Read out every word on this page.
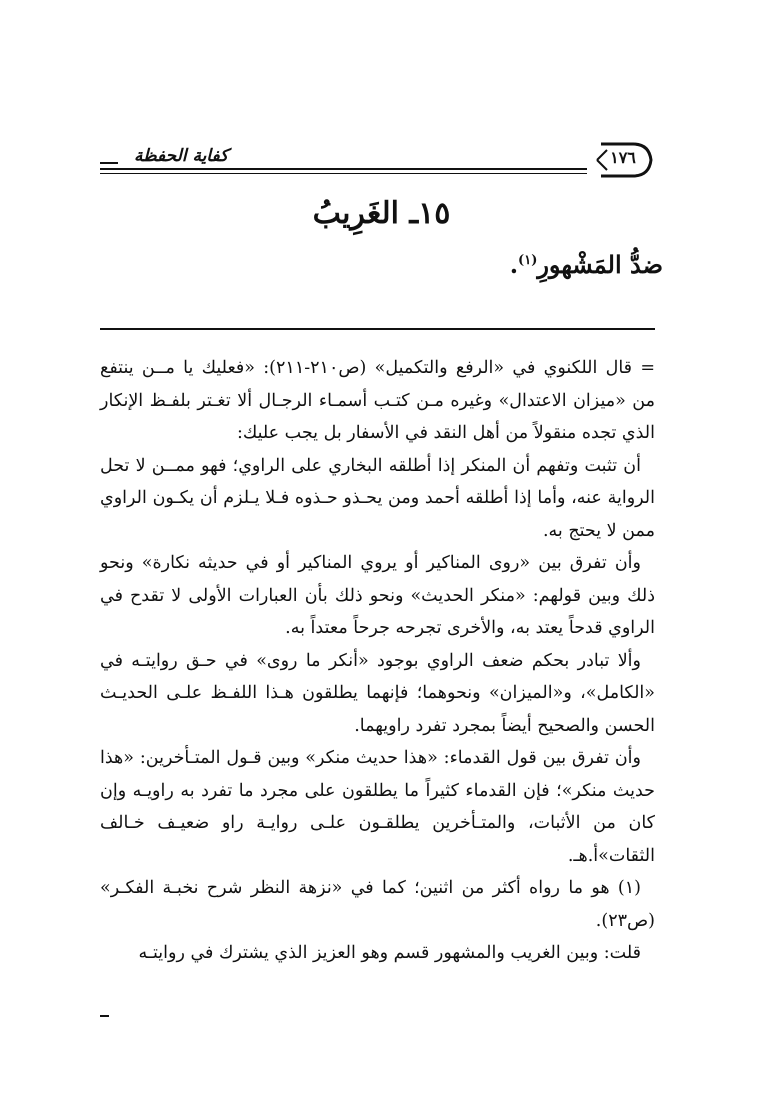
١٧٦
كفاية الحفظة
١٥ـ الغَرِيبُ
ضدُّ المَشْهورِ$^{(١)}$.

= قال اللكنوي في «الرفع والتكميل» (ص٢١٠-٢١١): «فعليك يا مــن ينتفع من «ميزان الاعتدال» وغيره مـن كتـب أسمـاء الرجـال ألا تغـتر بلفـظ الإنكار الذي تجده منقولاً من أهل النقد في الأسفار بل يجب عليك:

أن تثبت وتفهم أن المنكر إذا أطلقه البخاري على الراوي؛ فهو ممــن لا تحل الرواية عنه، وأما إذا أطلقه أحمد ومن يحـذو حـذوه فـلا يـلزم أن يكـون الراوي ممن لا يحتج به.

وأن تفرق بين «روى المناكير أو يروي المناكير أو في حديثه نكارة» ونحو ذلك وبين قولهم: «منكر الحديث» ونحو ذلك بأن العبارات الأولى لا تقدح في الراوي قدحاً يعتد به، والأخرى تجرحه جرحاً معتداً به.

وألا تبادر بحكم ضعف الراوي بوجود «أنكر ما روى» في حـق روايتـه في «الكامل»، و«الميزان» ونحوهما؛ فإنهما يطلقون هـذا اللفـظ علـى الحديـث الحسن والصحيح أيضاً بمجرد تفرد راويهما.

وأن تفرق بين قول القدماء: «هذا حديث منكر» وبين قـول المتـأخرين: «هذا حديث منكر»؛ فإن القدماء كثيراً ما يطلقون على مجرد ما تفرد به راويـه وإن كان من الأثبات، والمتـأخرين يطلقـون علـى روايـة راو ضعيـف خـالف الثقات»أ.هـ.

(١) هو ما رواه أكثر من اثنين؛ كما في «نزهة النظر شرح نخبـة الفكـر» (ص٢٣).

قلت: وبين الغريب والمشهور قسم وهو العزيز الذي يشترك في روايتـه
